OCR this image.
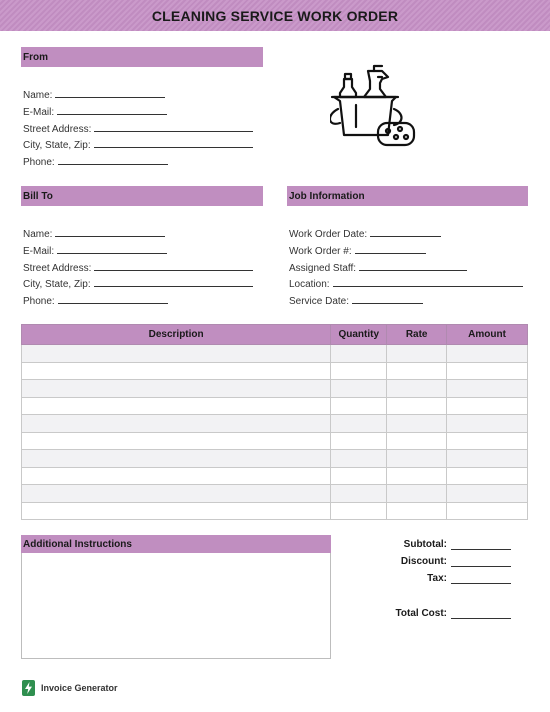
CLEANING SERVICE WORK ORDER
From
Name:
E-Mail:
Street Address:
City, State, Zip:
Phone:
Bill To
Name:
E-Mail:
Street Address:
City, State, Zip:
Phone:
Job Information
Work Order Date:
Work Order #:
Assigned Staff:
Location:
Service Date:
Description	Quantity	Rate	Amount

Additional Instructions	Subtotal:
Discount:
Tax:
Total Cost:
Invoice Generator
